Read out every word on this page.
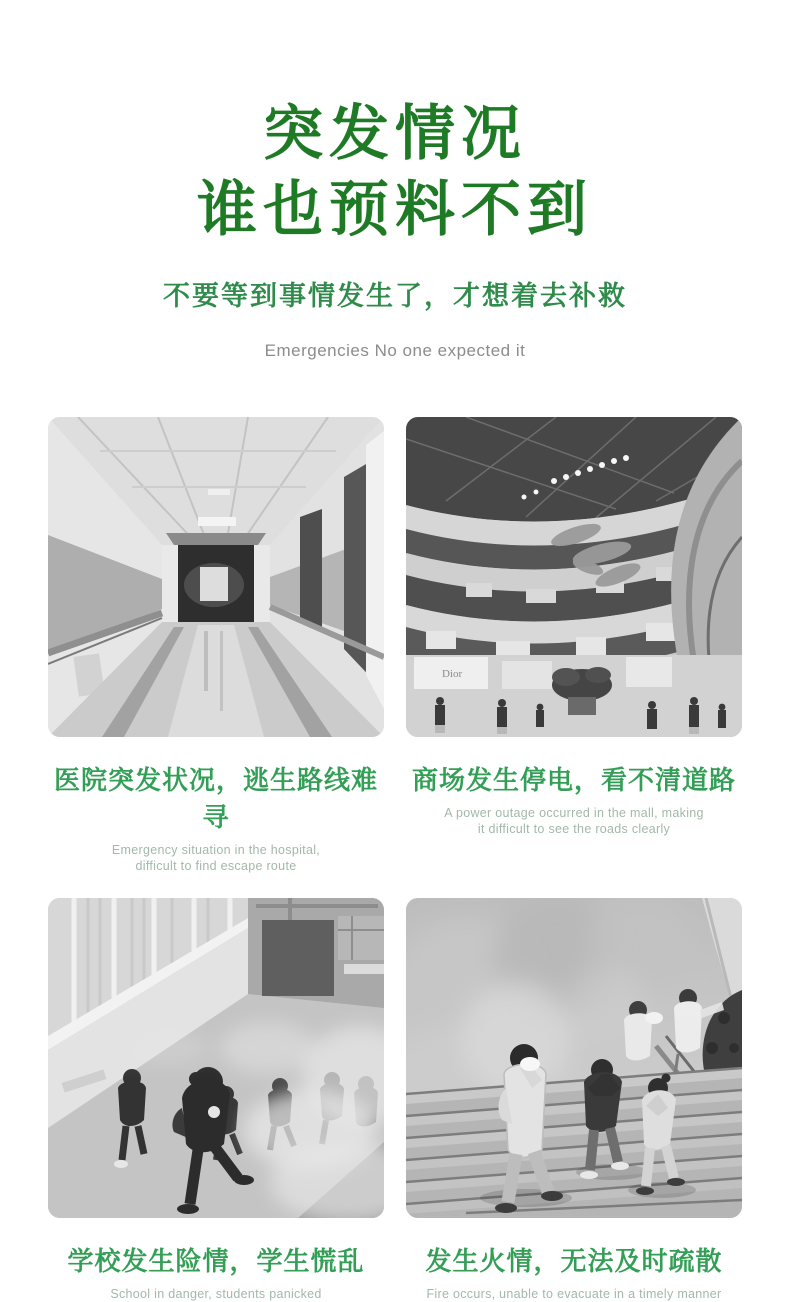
突发情况
谁也预料不到
不要等到事情发生了，才想着去补救
Emergencies No one expected it
医院突发状况，逃生路线难寻
Emergency situation in the hospital,
difficult to find escape route
Dior
商场发生停电，看不清道路
A power outage occurred in the mall, making
it difficult to see the roads clearly
学校发生险情，学生慌乱
School in danger, students panicked
发生火情，无法及时疏散
Fire occurs, unable to evacuate in a timely manner
